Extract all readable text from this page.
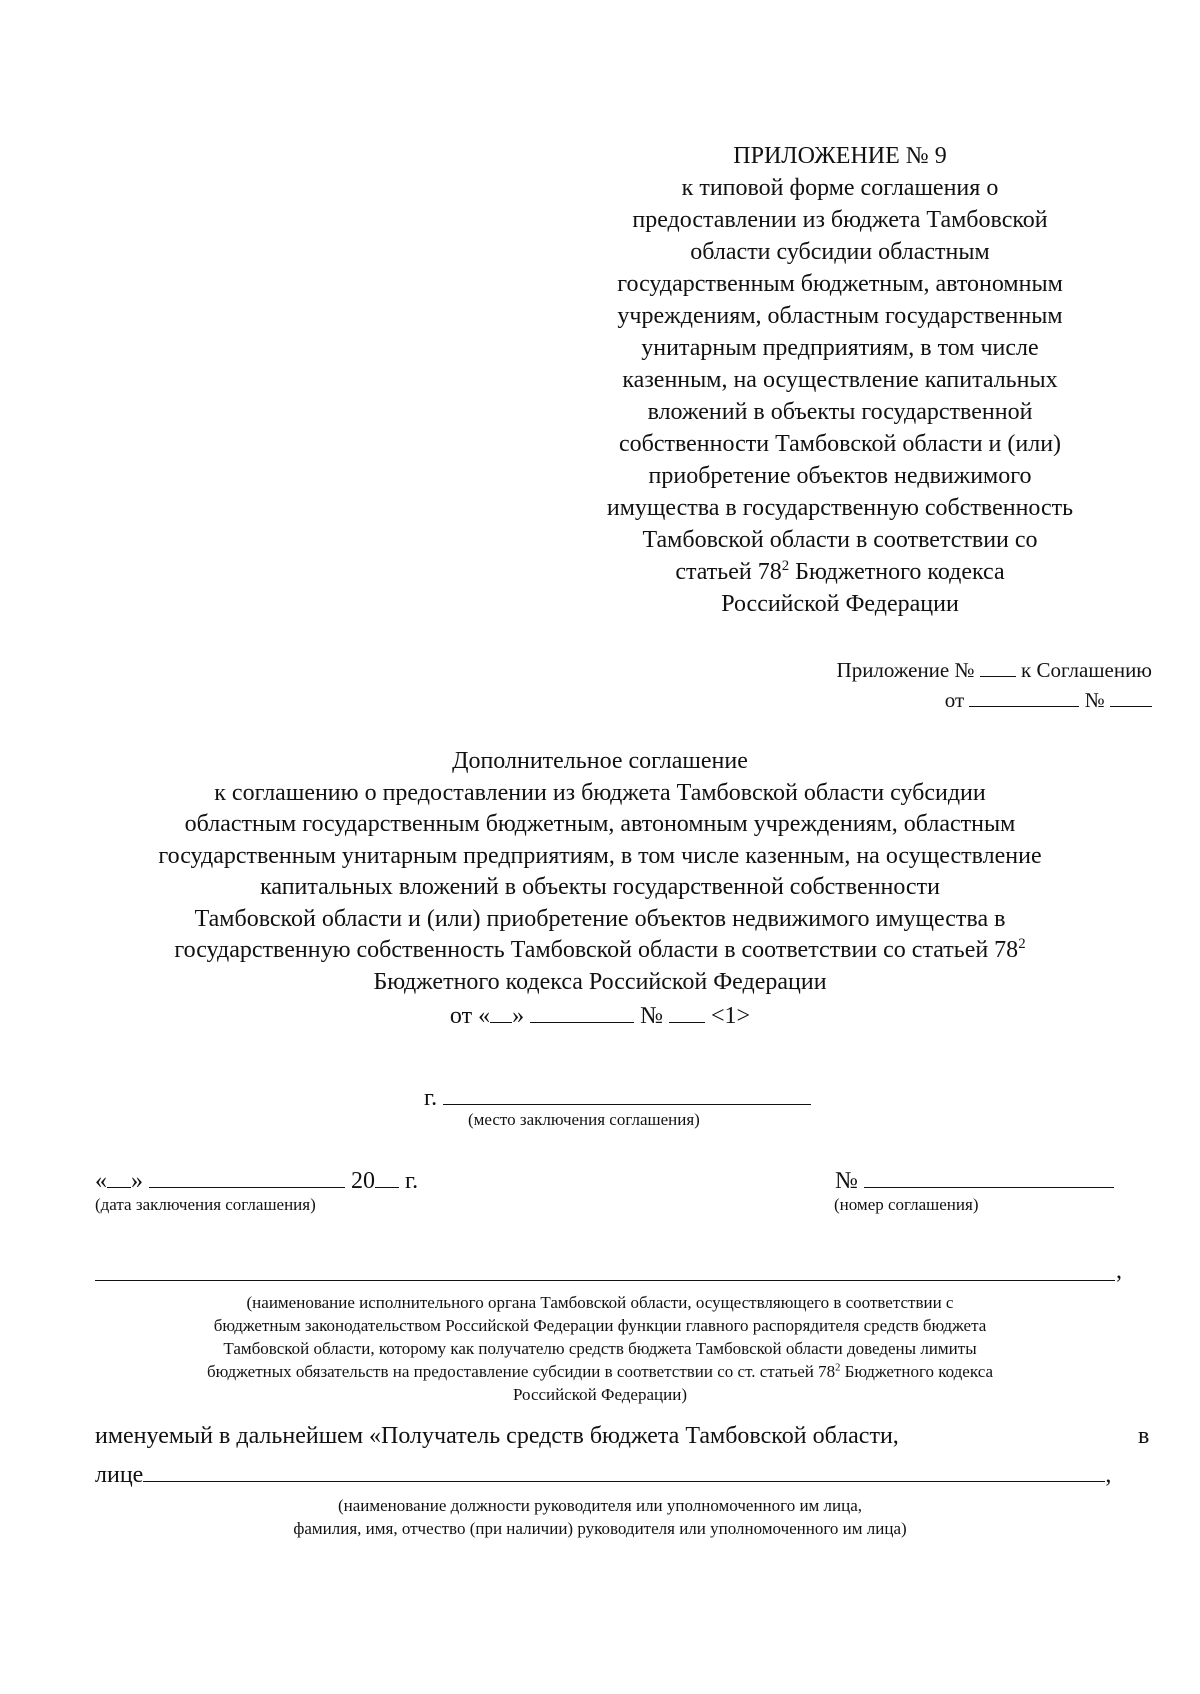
ПРИЛОЖЕНИЕ № 9
к типовой форме соглашения о
предоставлении из бюджета Тамбовской
области субсидии областным
государственным бюджетным, автономным
учреждениям, областным государственным
унитарным предприятиям, в том числе
казенным, на осуществление капитальных
вложений в объекты государственной
собственности Тамбовской области и (или)
приобретение объектов недвижимого
имущества в государственную собственность
Тамбовской области в соответствии со
статьей $78^2$ Бюджетного кодекса
Российской Федерации
Приложение № к Соглашению
от	№
Дополнительное соглашение
к соглашению о предоставлении из бюджета Тамбовской области субсидии
областным государственным бюджетным, автономным учреждениям, областным
государственным унитарным предприятиям, в том числе казенным, на осуществление
капитальных вложений в объекты государственной собственности
Тамбовской области и (или) приобретение объектов недвижимого имущества в
государственную собственность Тамбовской области в соответствии со статьей $78^2$
Бюджетного кодекса Российской Федерации
от « »	№ <1>
г.
(место заключения соглашения)
« »	20 г.
(дата заключения соглашения)
№
(номер соглашения)
,
(наименование исполнительного органа Тамбовской области, осуществляющего в соответствии с
бюджетным законодательством Российской Федерации функции главного распорядителя средств бюджета
Тамбовской области, которому как получателю средств бюджета Тамбовской области доведены лимиты
бюджетных обязательств на предоставление субсидии в соответствии со ст. статьей $78^2$ Бюджетного кодекса
Российской Федерации)
именуемый в дальнейшем «Получатель средств бюджета Тамбовской области,	в
лице	,
(наименование должности руководителя или уполномоченного им лица,
фамилия, имя, отчество (при наличии) руководителя или уполномоченного им лица)
